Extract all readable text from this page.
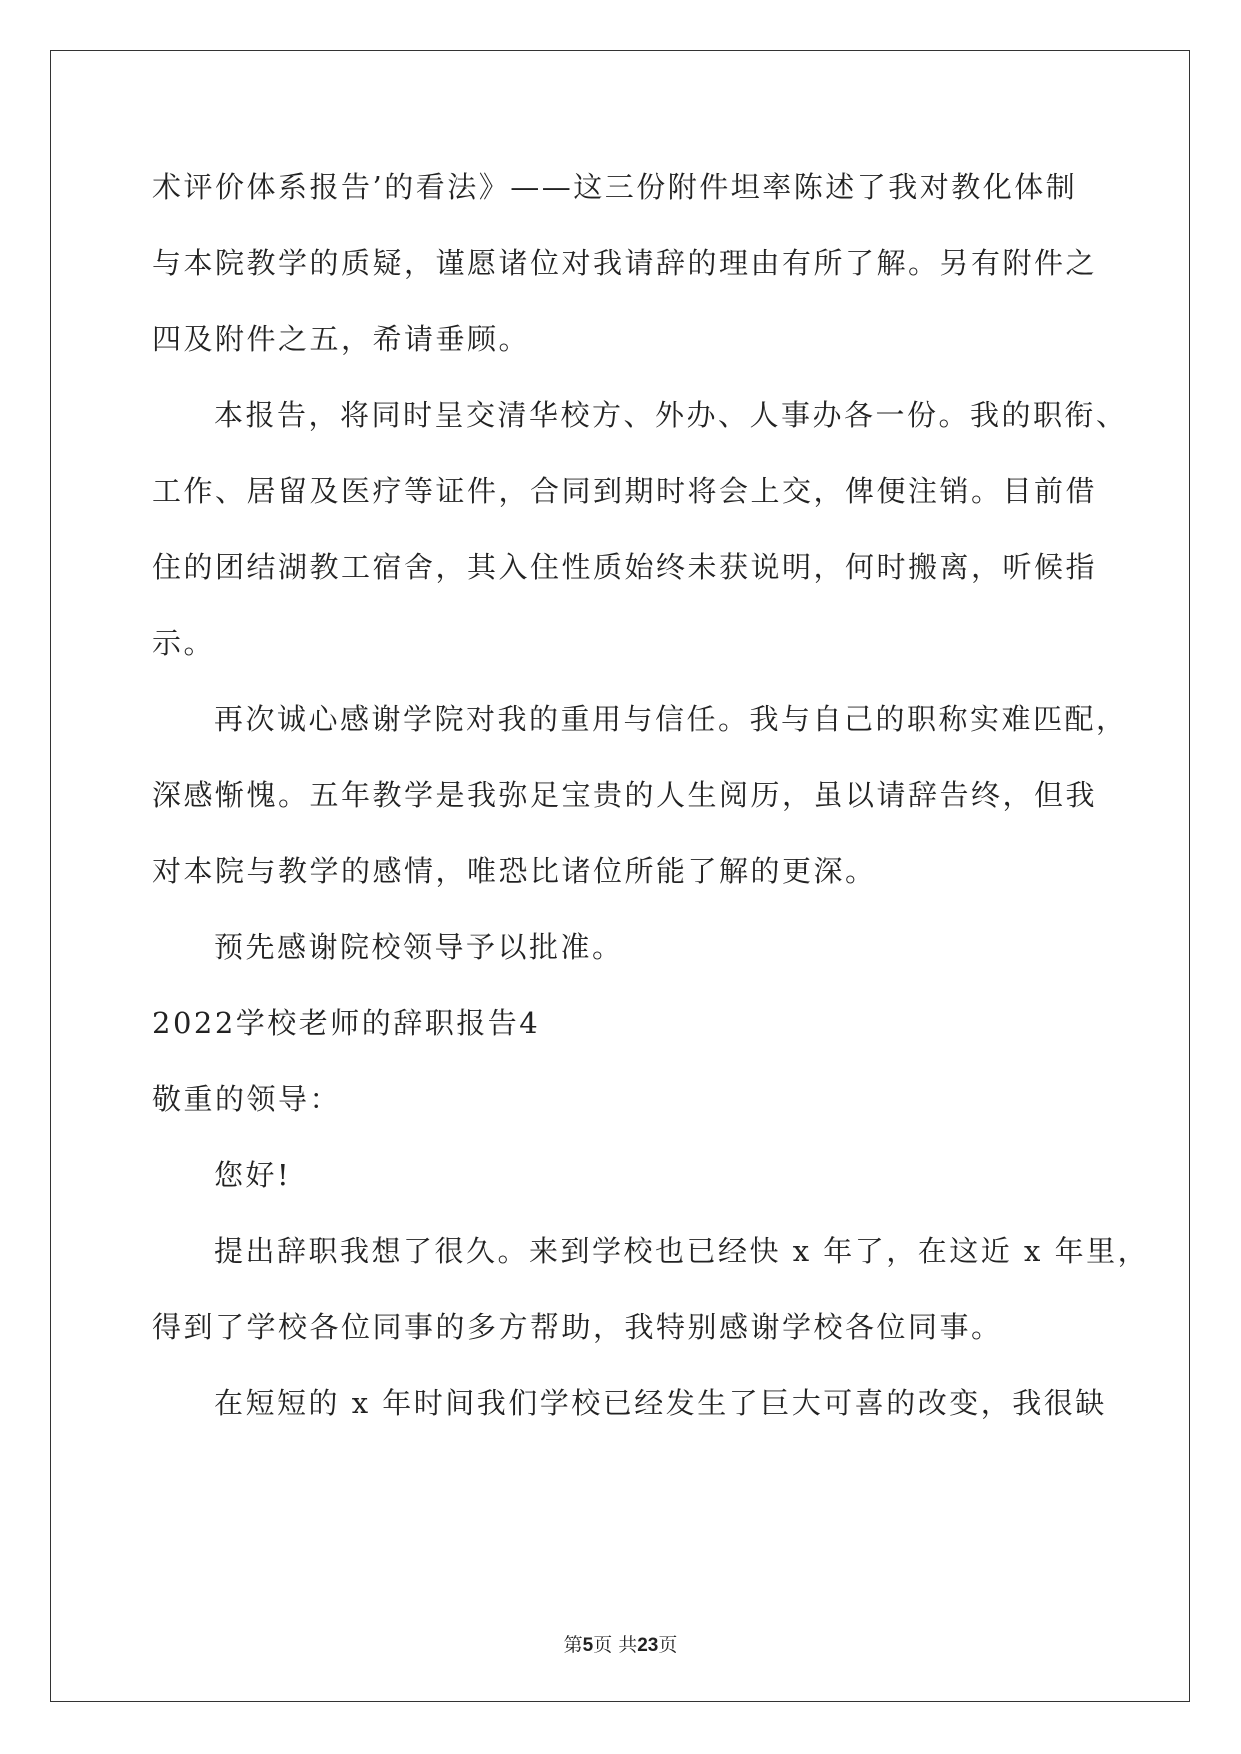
术评价体系报告’的看法》——这三份附件坦率陈述了我对教化体制

与本院教学的质疑，谨愿诸位对我请辞的理由有所了解。另有附件之

四及附件之五，希请垂顾。

本报告，将同时呈交清华校方、外办、人事办各一份。我的职衔、

工作、居留及医疗等证件，合同到期时将会上交，俾便注销。目前借

住的团结湖教工宿舍，其入住性质始终未获说明，何时搬离，听候指

示。

再次诚心感谢学院对我的重用与信任。我与自己的职称实难匹配，

深感惭愧。五年教学是我弥足宝贵的人生阅历，虽以请辞告终，但我

对本院与教学的感情，唯恐比诸位所能了解的更深。

预先感谢院校领导予以批准。

2022学校老师的辞职报告4

敬重的领导：

您好!

提出辞职我想了很久。来到学校也已经快 x 年了，在这近 x 年里，

得到了学校各位同事的多方帮助，我特别感谢学校各位同事。

在短短的 x 年时间我们学校已经发生了巨大可喜的改变，我很缺

第5页 共23页
